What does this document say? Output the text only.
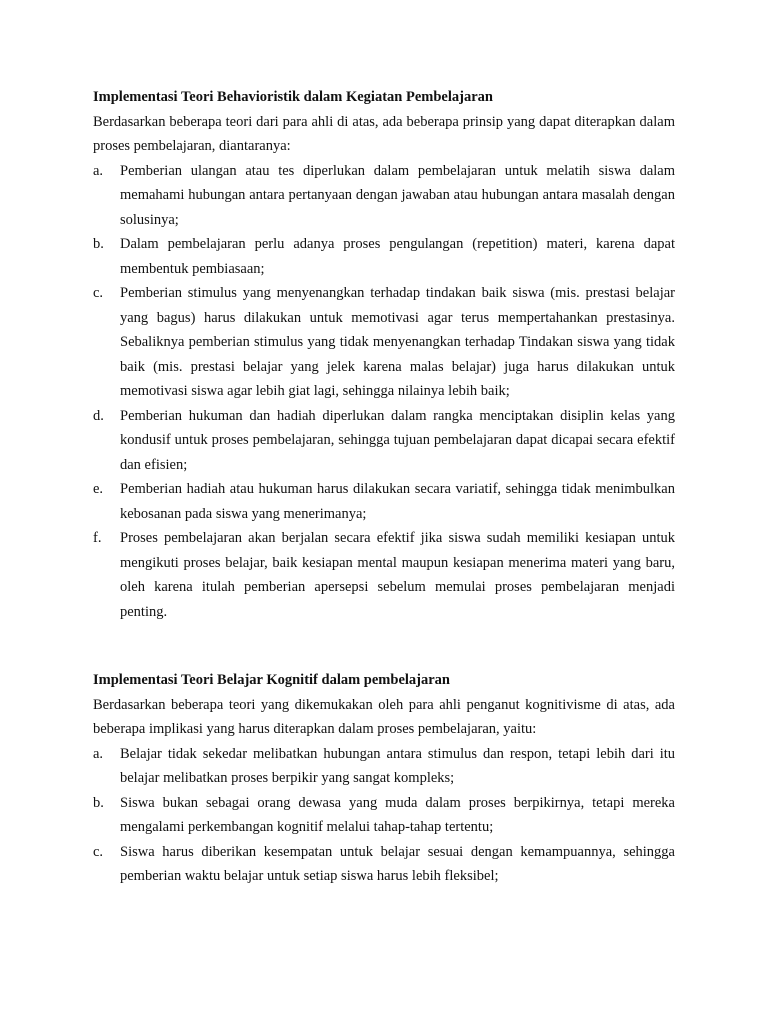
Implementasi Teori Behavioristik dalam Kegiatan Pembelajaran

Berdasarkan beberapa teori dari para ahli di atas, ada beberapa prinsip yang dapat diterapkan dalam proses pembelajaran, diantaranya:

a.	Pemberian ulangan atau tes diperlukan dalam pembelajaran untuk melatih siswa dalam memahami hubungan antara pertanyaan dengan jawaban atau hubungan antara masalah dengan solusinya;
b.	Dalam pembelajaran perlu adanya proses pengulangan (repetition) materi, karena dapat membentuk pembiasaan;
c.	Pemberian stimulus yang menyenangkan terhadap tindakan baik siswa (mis. prestasi belajar yang bagus) harus dilakukan untuk memotivasi agar terus mempertahankan prestasinya. Sebaliknya pemberian stimulus yang tidak menyenangkan terhadap Tindakan siswa yang tidak baik (mis. prestasi belajar yang jelek karena malas belajar) juga harus dilakukan untuk memotivasi siswa agar lebih giat lagi, sehingga nilainya lebih baik;
d.	Pemberian hukuman dan hadiah diperlukan dalam rangka menciptakan disiplin kelas yang kondusif untuk proses pembelajaran, sehingga tujuan pembelajaran dapat dicapai secara efektif dan efisien;
e.	Pemberian hadiah atau hukuman harus dilakukan secara variatif, sehingga tidak menimbulkan kebosanan pada siswa yang menerimanya;
f.	Proses pembelajaran akan berjalan secara efektif jika siswa sudah memiliki kesiapan untuk mengikuti proses belajar, baik kesiapan mental maupun kesiapan menerima materi yang baru, oleh karena itulah pemberian apersepsi sebelum memulai proses pembelajaran menjadi penting.
Implementasi Teori Belajar Kognitif dalam pembelajaran

Berdasarkan beberapa teori yang dikemukakan oleh para ahli penganut kognitivisme di atas, ada beberapa implikasi yang harus diterapkan dalam proses pembelajaran, yaitu:

a.	Belajar tidak sekedar melibatkan hubungan antara stimulus dan respon, tetapi lebih dari itu belajar melibatkan proses berpikir yang sangat kompleks;
b.	Siswa bukan sebagai orang dewasa yang muda dalam proses berpikirnya, tetapi mereka mengalami perkembangan kognitif melalui tahap-tahap tertentu;
c.	Siswa harus diberikan kesempatan untuk belajar sesuai dengan kemampuannya, sehingga pemberian waktu belajar untuk setiap siswa harus lebih fleksibel;
